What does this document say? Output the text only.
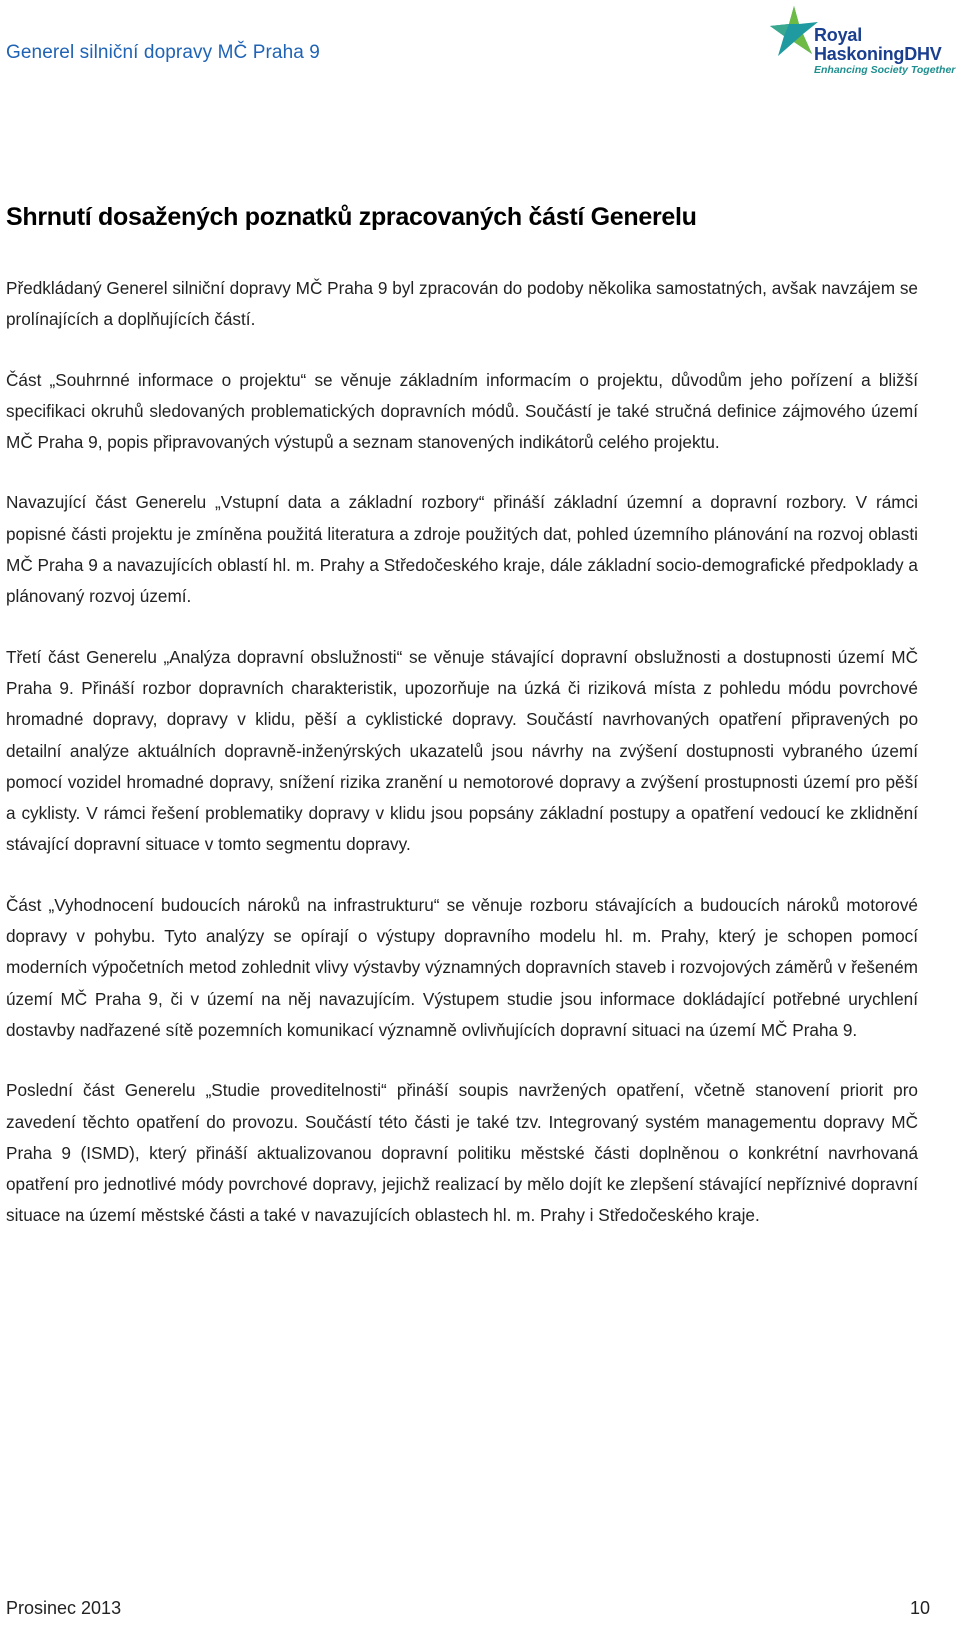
Generel silniční dopravy MČ Praha 9
Royal
HaskoningDHV
Enhancing Society Together
Shrnutí dosažených poznatků zpracovaných částí Generelu

Předkládaný Generel silniční dopravy MČ Praha 9 byl zpracován do podoby několika samostatných, avšak navzájem se prolínajících a doplňujících částí.

Část „Souhrnné informace o projektu“ se věnuje základním informacím o projektu, důvodům jeho pořízení a bližší specifikaci okruhů sledovaných problematických dopravních módů. Součástí je také stručná definice zájmového území MČ Praha 9, popis připravovaných výstupů a seznam stanovených indikátorů celého projektu.

Navazující část Generelu „Vstupní data a základní rozbory“ přináší základní územní a dopravní rozbory. V rámci popisné části projektu je zmíněna použitá literatura a zdroje použitých dat, pohled územního plánování na rozvoj oblasti MČ Praha 9 a navazujících oblastí hl. m. Prahy a Středočeského kraje, dále základní socio-demografické předpoklady a plánovaný rozvoj území.

Třetí část Generelu „Analýza dopravní obslužnosti“ se věnuje stávající dopravní obslužnosti a dostupnosti území MČ Praha 9. Přináší rozbor dopravních charakteristik, upozorňuje na úzká či riziková místa z pohledu módu povrchové hromadné dopravy, dopravy v klidu, pěší a cyklistické dopravy. Součástí navrhovaných opatření připravených po detailní analýze aktuálních dopravně-inženýrských ukazatelů jsou návrhy na zvýšení dostupnosti vybraného území pomocí vozidel hromadné dopravy, snížení rizika zranění u nemotorové dopravy a zvýšení prostupnosti území pro pěší a cyklisty. V rámci řešení problematiky dopravy v klidu jsou popsány základní postupy a opatření vedoucí ke zklidnění stávající dopravní situace v tomto segmentu dopravy.

Část „Vyhodnocení budoucích nároků na infrastrukturu“ se věnuje rozboru stávajících a budoucích nároků motorové dopravy v pohybu. Tyto analýzy se opírají o výstupy dopravního modelu hl. m. Prahy, který je schopen pomocí moderních výpočetních metod zohlednit vlivy výstavby významných dopravních staveb i rozvojových záměrů v řešeném území MČ Praha 9, či v území na něj navazujícím. Výstupem studie jsou informace dokládající potřebné urychlení dostavby nadřazené sítě pozemních komunikací významně ovlivňujících dopravní situaci na území MČ Praha 9.

Poslední část Generelu „Studie proveditelnosti“ přináší soupis navržených opatření, včetně stanovení priorit pro zavedení těchto opatření do provozu. Součástí této části je také tzv. Integrovaný systém managementu dopravy MČ Praha 9 (ISMD), který přináší aktualizovanou dopravní politiku městské části doplněnou o konkrétní navrhovaná opatření pro jednotlivé módy povrchové dopravy, jejichž realizací by mělo dojít ke zlepšení stávající nepříznivé dopravní situace na území městské části a také v navazujících oblastech hl. m. Prahy i Středočeského kraje.

Prosinec 2013	10
